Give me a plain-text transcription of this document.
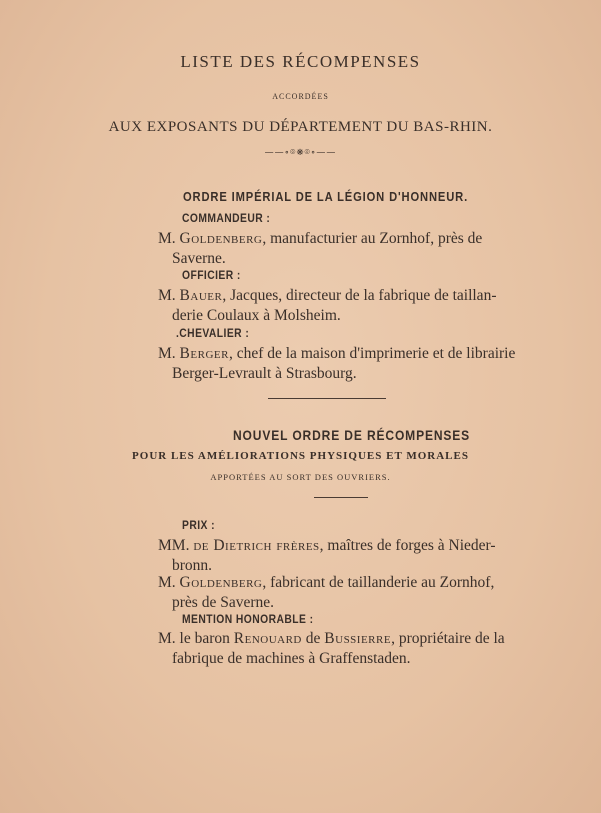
LISTE DES RÉCOMPENSES
ACCORDÉES
AUX EXPOSANTS DU DÉPARTEMENT DU BAS-RHIN.
——∘⌾❋⌾∘——
ORDRE IMPÉRIAL DE LA LÉGION D'HONNEUR.
COMMANDEUR :
M. Goldenberg, manufacturier au Zornhof, près de
Saverne.
OFFICIER :
M. Bauer, Jacques, directeur de la fabrique de taillan-
derie Coulaux à Molsheim.
.CHEVALIER :
M. Berger, chef de la maison d'imprimerie et de librairie
Berger-Levrault à Strasbourg.
NOUVEL ORDRE DE RÉCOMPENSES
POUR LES AMÉLIORATIONS PHYSIQUES ET MORALES
APPORTÉES AU SORT DES OUVRIERS.
PRIX :
MM. de Dietrich frères, maîtres de forges à Nieder-
bronn.
M. Goldenberg, fabricant de taillanderie au Zornhof,
près de Saverne.
MENTION HONORABLE :
M. le baron Renouard de Bussierre, propriétaire de la
fabrique de machines à Graffenstaden.
